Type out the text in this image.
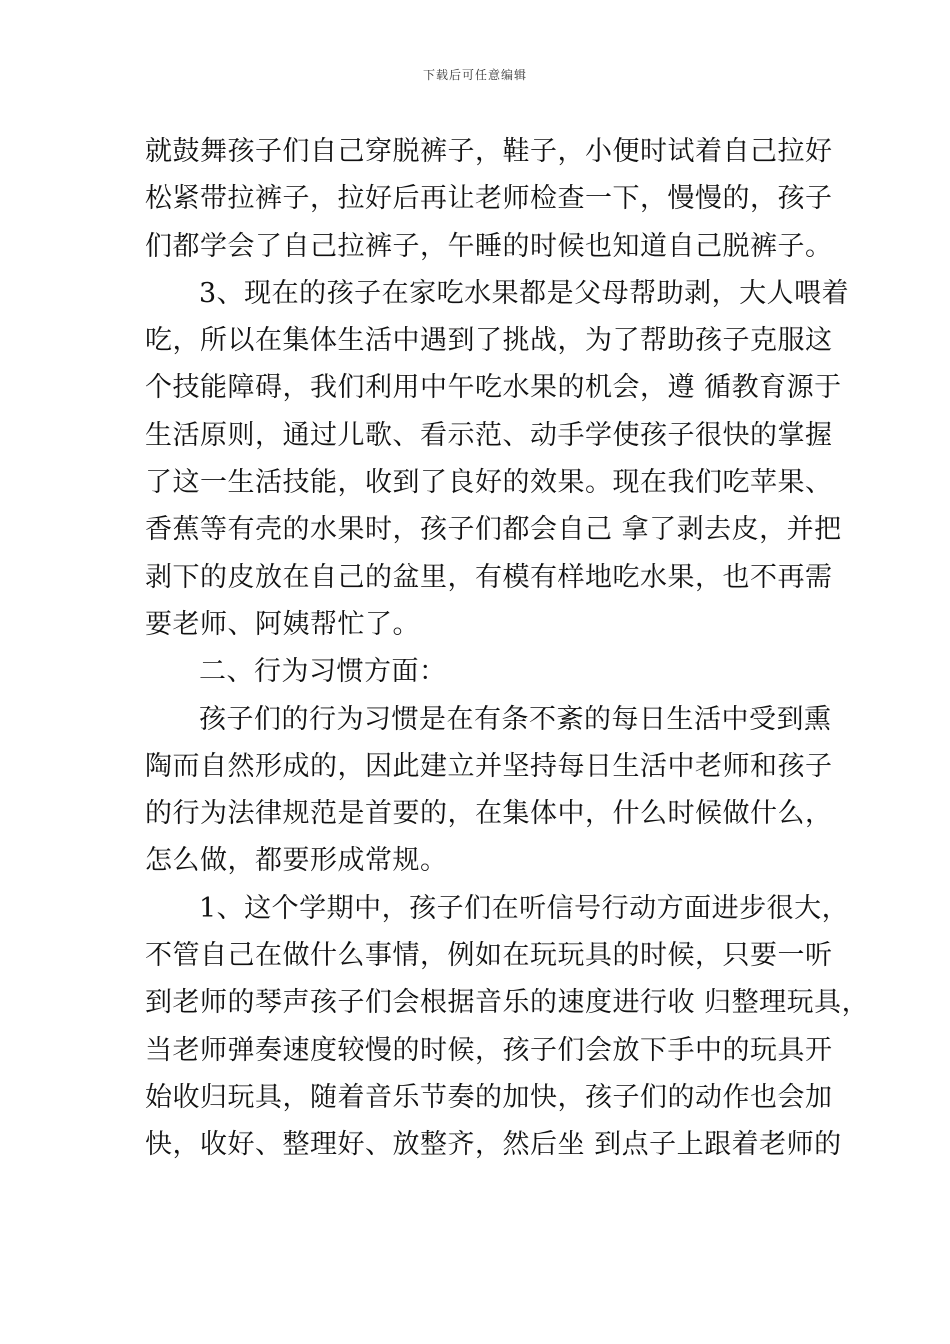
下载后可任意编辑
就鼓舞孩子们自己穿脱裤子，鞋子，小便时试着自己拉好
松紧带拉裤子，拉好后再让老师检查一下，慢慢的，孩子
们都学会了自己拉裤子，午睡的时候也知道自己脱裤子。
3、现在的孩子在家吃水果都是父母帮助剥，大人喂着
吃，所以在集体生活中遇到了挑战，为了帮助孩子克服这
个技能障碍，我们利用中午吃水果的机会，遵 循教育源于
生活原则，通过儿歌、看示范、动手学使孩子很快的掌握
了这一生活技能，收到了良好的效果。现在我们吃苹果、
香蕉等有壳的水果时，孩子们都会自己 拿了剥去皮，并把
剥下的皮放在自己的盆里，有模有样地吃水果，也不再需
要老师、阿姨帮忙了。
二、行为习惯方面：
孩子们的行为习惯是在有条不紊的每日生活中受到熏
陶而自然形成的，因此建立并坚持每日生活中老师和孩子
的行为法律规范是首要的，在集体中，什么时候做什么，
怎么做，都要形成常规。
1、这个学期中，孩子们在听信号行动方面进步很大，
不管自己在做什么事情，例如在玩玩具的时候，只要一听
到老师的琴声孩子们会根据音乐的速度进行收 归整理玩具，
当老师弹奏速度较慢的时候，孩子们会放下手中的玩具开
始收归玩具，随着音乐节奏的加快，孩子们的动作也会加
快，收好、整理好、放整齐，然后坐 到点子上跟着老师的
